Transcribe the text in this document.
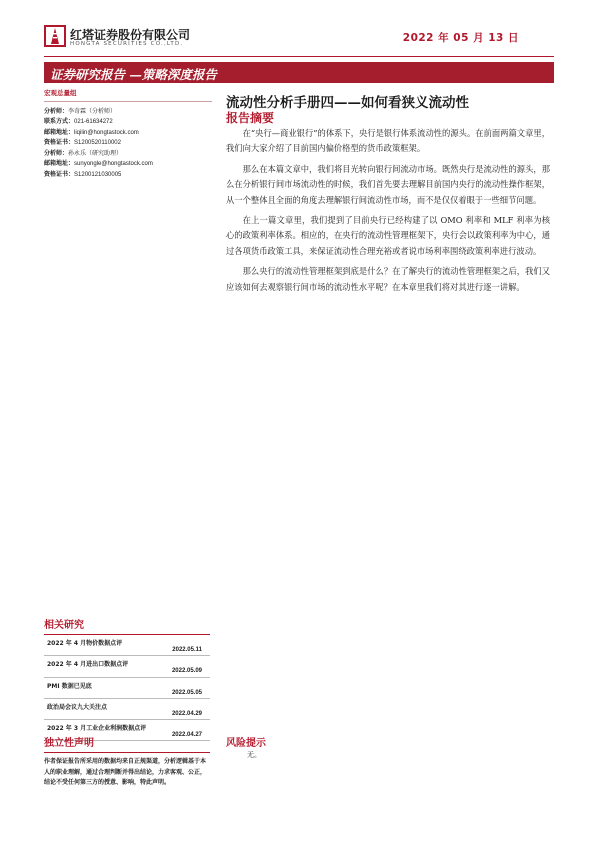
红塔证券股份有限公司
HONGTA SECURITIES CO.,LTD.	2022 年 05 月 13 日
证券研究报告 —策略深度报告
宏观总量组
分析师：李奇霖（分析师）
联系方式：021-61634272
邮箱地址：liqilin@hongtastock.com
资格证书：S1200520110002
分析师：孙永乐（研究助理）
邮箱地址：sunyongle@hongtastock.com
资格证书：S1200121030005
流动性分析手册四——如何看狭义流动性
报告摘要

在“央行—商业银行”的体系下，央行是银行体系流动性的源头。在前面两篇文章里，我们向大家介绍了目前国内偏价格型的货币政策框架。

那么在本篇文章中，我们将目光转向银行间流动市场。既然央行是流动性的源头，那么在分析银行间市场流动性的时候，我们首先要去理解目前国内央行的流动性操作框架，从一个整体且全面的角度去理解银行间流动性市场，而不是仅仅着眼于一些细节问题。

在上一篇文章里，我们提到了目前央行已经构建了以 OMO 利率和 MLF 利率为核心的政策利率体系。相应的，在央行的流动性管理框架下，央行会以政策利率为中心，通过各项货币政策工具，来保证流动性合理充裕或者说市场利率围绕政策利率进行波动。

那么央行的流动性管理框架到底是什么？在了解央行的流动性管理框架之后，我们又应该如何去观察银行间市场的流动性水平呢？在本章里我们将对其进行逐一讲解。

相关研究
2022 年 4 月物价数据点评
2022.05.11
2022 年 4 月进出口数据点评
2022.05.09
PMI 数据已见底
2022.05.05
政治局会议九大关注点
2022.04.29
2022 年 3 月工业企业利润数据点评
2022.04.27
独立性声明
作者保证报告所采用的数据均来自正规渠道，分析逻辑基于本人的职业理解，通过合理判断并得出结论，力求客观、公正，结论不受任何第三方的授意、影响，特此声明。
风险提示
无。
